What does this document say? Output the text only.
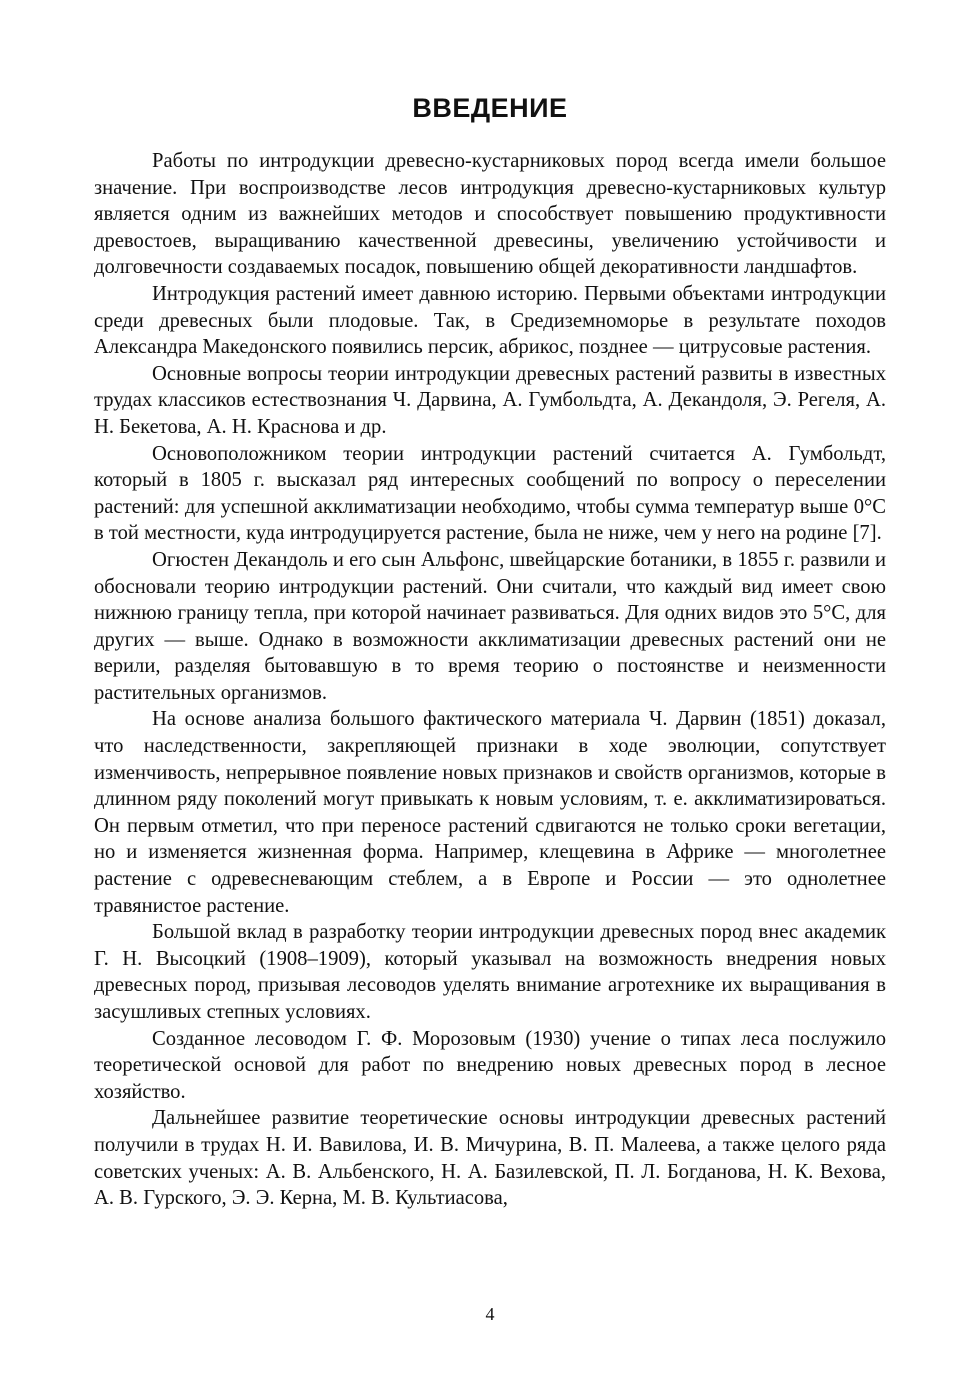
ВВЕДЕНИЕ

Работы по интродукции древесно-кустарниковых пород всегда имели большое значение. При воспроизводстве лесов интродукция древесно-кустарниковых культур является одним из важнейших методов и способствует повышению продуктивности древостоев, выращиванию качественной древесины, увеличению устойчивости и долговечности создаваемых посадок, повышению общей декоративности ландшафтов.

Интродукция растений имеет давнюю историю. Первыми объектами интродукции среди древесных были плодовые. Так, в Средиземноморье в результате походов Александра Македонского появились персик, абрикос, позднее — цитрусовые растения.

Основные вопросы теории интродукции древесных растений развиты в известных трудах классиков естествознания Ч. Дарвина, А. Гумбольдта, А. Декандоля, Э. Регеля, А. Н. Бекетова, А. Н. Краснова и др.

Основоположником теории интродукции растений считается А. Гумбольдт, который в 1805 г. высказал ряд интересных сообщений по вопросу о переселении растений: для успешной акклиматизации необходимо, чтобы сумма температур выше 0°С в той местности, куда интродуцируется растение, была не ниже, чем у него на родине [7].

Огюстен Декандоль и его сын Альфонс, швейцарские ботаники, в 1855 г. развили и обосновали теорию интродукции растений. Они считали, что каждый вид имеет свою нижнюю границу тепла, при которой начинает развиваться. Для одних видов это 5°С, для других — выше. Однако в возможности акклиматизации древесных растений они не верили, разделяя бытовавшую в то время теорию о постоянстве и неизменности растительных организмов.

На основе анализа большого фактического материала Ч. Дарвин (1851) доказал, что наследственности, закрепляющей признаки в ходе эволюции, сопутствует изменчивость, непрерывное появление новых признаков и свойств организмов, которые в длинном ряду поколений могут привыкать к новым условиям, т. е. акклиматизироваться. Он первым отметил, что при переносе растений сдвигаются не только сроки вегетации, но и изменяется жизненная форма. Например, клещевина в Африке — многолетнее растение с одревесневающим стеблем, а в Европе и России — это однолетнее травянистое растение.

Большой вклад в разработку теории интродукции древесных пород внес академик Г. Н. Высоцкий (1908–1909), который указывал на возможность внедрения новых древесных пород, призывая лесоводов уделять внимание агротехнике их выращивания в засушливых степных условиях.

Созданное лесоводом Г. Ф. Морозовым (1930) учение о типах леса послужило теоретической основой для работ по внедрению новых древесных пород в лесное хозяйство.

Дальнейшее развитие теоретические основы интродукции древесных растений получили в трудах Н. И. Вавилова, И. В. Мичурина, В. П. Малеева, а также целого ряда советских ученых: А. В. Альбенского, Н. А. Базилевской, П. Л. Богданова, Н. К. Вехова, А. В. Гурского, Э. Э. Керна, М. В. Культиасова,

4
